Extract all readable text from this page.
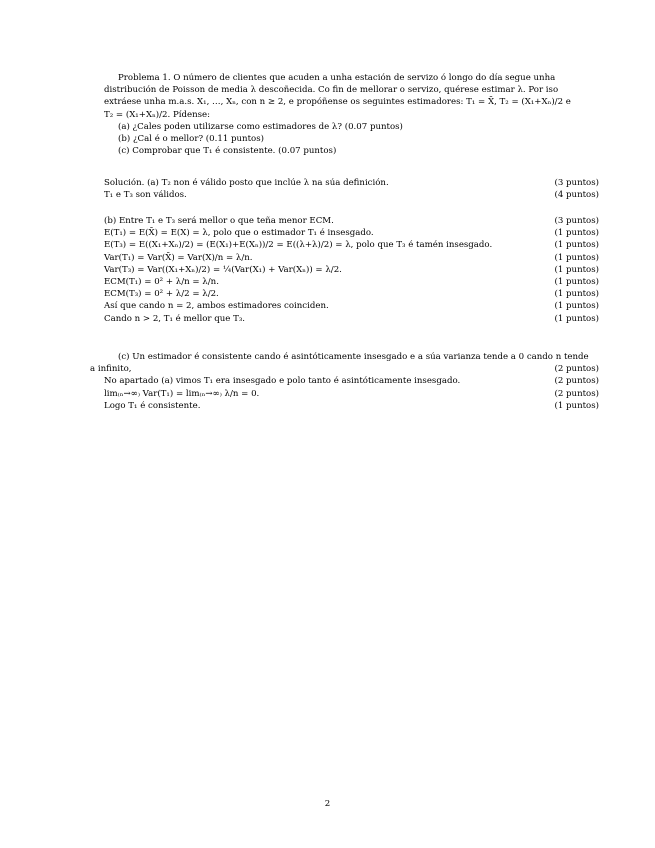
Problema 1. O número de clientes que acuden a unha estación de servizo ó longo do día segue unha
distribución de Poisson de media λ descoñecida. Co fin de mellorar o servizo, quérese estimar λ. Por iso
extráese unha m.a.s. X₁, …, Xₙ, con n ≥ 2, e propóñense os seguintes estimadores: T₁ = X̄, T₂ = (X₁+Xₙ)/2 e
T₂ = (X₁+Xₙ)/2. Pídense:
(a) ¿Cales poden utilizarse como estimadores de λ? (0.07 puntos)
(b) ¿Cal é o mellor? (0.11 puntos)
(c) Comprobar que T₁ é consistente. (0.07 puntos)
Solución. (a) T₂ non é válido posto que inclúe λ na súa definición.	(3 puntos)
T₁ e T₃ son válidos.	(4 puntos)
(b) Entre T₁ e T₃ será mellor o que teña menor ECM.	(3 puntos)
E(T₁) = E(X̄) = E(X) = λ, polo que o estimador T₁ é insesgado.	(1 puntos)
E(T₃) = E((X₁+Xₙ)/2) = (E(X₁)+E(Xₙ))/2 = E((λ+λ)/2) = λ, polo que T₃ é tamén insesgado.	(1 puntos)
Var(T₁) = Var(X̄) = Var(X)/n = λ/n.	(1 puntos)
Var(T₃) = Var((X₁+Xₙ)/2) = ¼(Var(X₁) + Var(Xₙ)) = λ/2.	(1 puntos)
ECM(T₁) = 0² + λ/n = λ/n.	(1 puntos)
ECM(T₃) = 0² + λ/2 = λ/2.	(1 puntos)
Así que cando n = 2, ambos estimadores coinciden.	(1 puntos)
Cando n > 2, T₁ é mellor que T₃.	(1 puntos)
(c) Un estimador é consistente cando é asintóticamente insesgado e a súa varianza tende a 0 cando n tende
a infinito,	(2 puntos)
No apartado (a) vimos T₁ era insesgado e polo tanto é asintóticamente insesgado.	(2 puntos)
lim₍ₙ→∞₎ Var(T₁) = lim₍ₙ→∞₎ λ/n = 0.	(2 puntos)
Logo T₁ é consistente.	(1 puntos)
2
